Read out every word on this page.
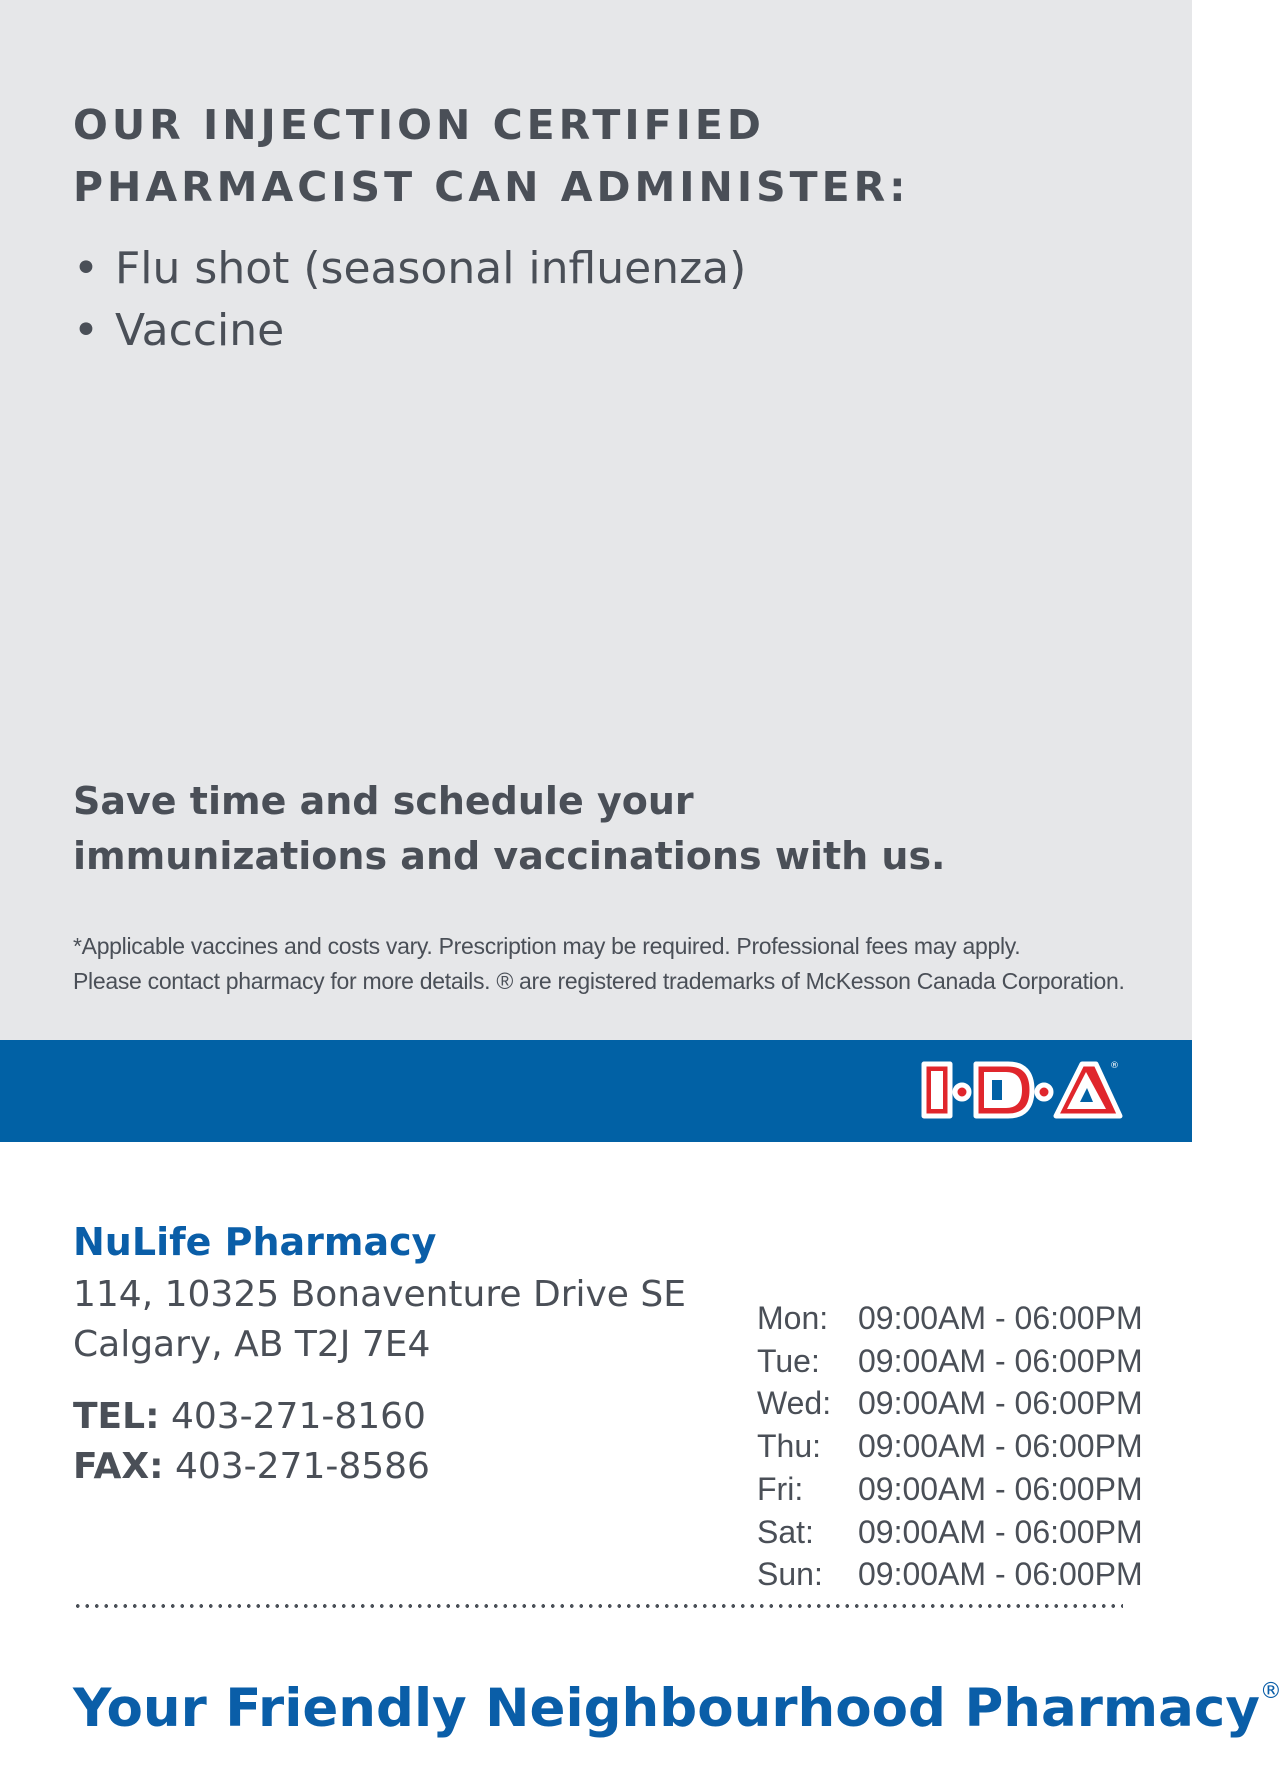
OUR INJECTION CERTIFIED
PHARMACIST CAN ADMINISTER:
• Flu shot (seasonal influenza)
• Vaccine
Save time and schedule your
immunizations and vaccinations with us.
*Applicable vaccines and costs vary. Prescription may be required. Professional fees may apply.
Please contact pharmacy for more details. ® are registered trademarks of McKesson Canada Corporation.
®
NuLife Pharmacy
114, 10325 Bonaventure Drive SE
Calgary, AB T2J 7E4
TEL: 403-271-8160
FAX: 403-271-8586
Mon: 09:00AM - 06:00PM
Tue:	09:00AM - 06:00PM
Wed: 09:00AM - 06:00PM
Thu:	09:00AM - 06:00PM
Fri:	09:00AM - 06:00PM
Sat:	09:00AM - 06:00PM
Sun:	09:00AM - 06:00PM
Your Friendly Neighbourhood Pharmacy®
